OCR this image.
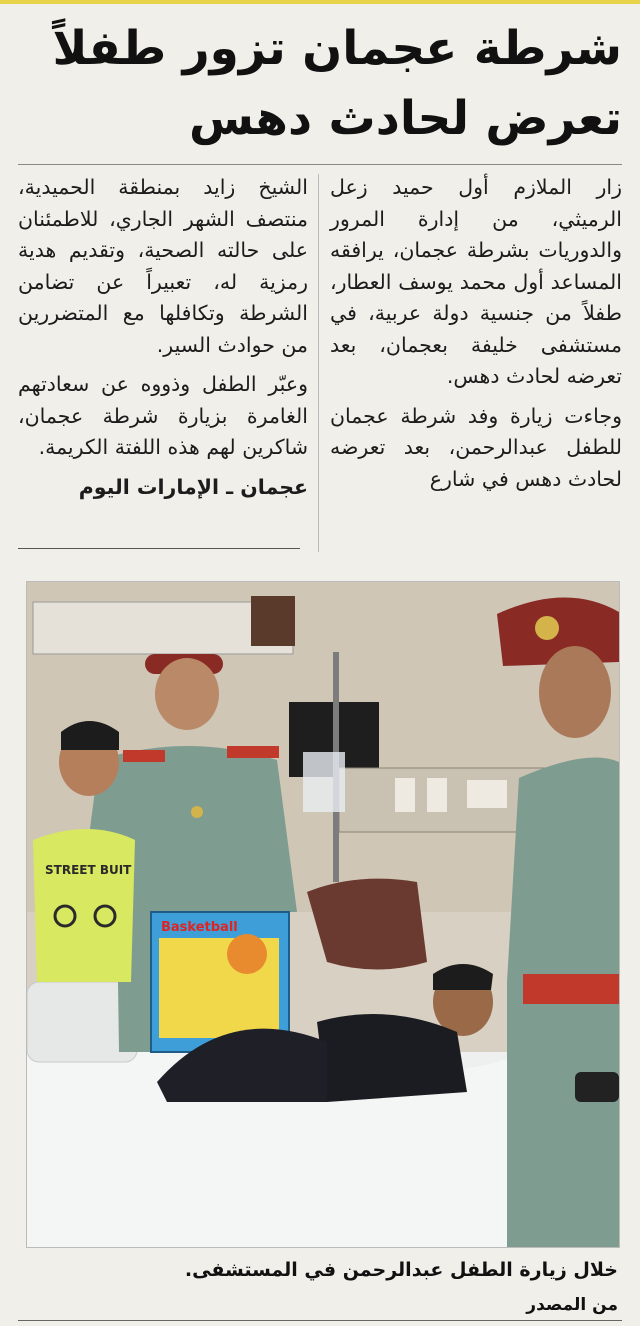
شرطة عجمان تزور طفلاً تعرض لحادث دهس

زار الملازم أول حميد زعل الرميثي، من إدارة المرور والدوريات بشرطة عجمان، يرافقه المساعد أول محمد يوسف العطار، طفلاً من جنسية دولة عربية، في مستشفى خليفة بعجمان، بعد تعرضه لحادث دهس.

وجاءت زيارة وفد شرطة عجمان للطفل عبدالرحمن، بعد تعرضه لحادث دهس في شارع

الشيخ زايد بمنطقة الحميدية، منتصف الشهر الجاري، للاطمئنان على حالته الصحية، وتقديم هدية رمزية له، تعبيراً عن تضامن الشرطة وتكافلها مع المتضررين من حوادث السير.

وعبّر الطفل وذووه عن سعادتهم الغامرة بزيارة شرطة عجمان، شاكرين لهم هذه اللفتة الكريمة.

عجمان ـ الإمارات اليوم

STREET BUIT
Basketball
خلال زيارة الطفل عبدالرحمن في المستشفى.
من المصدر
